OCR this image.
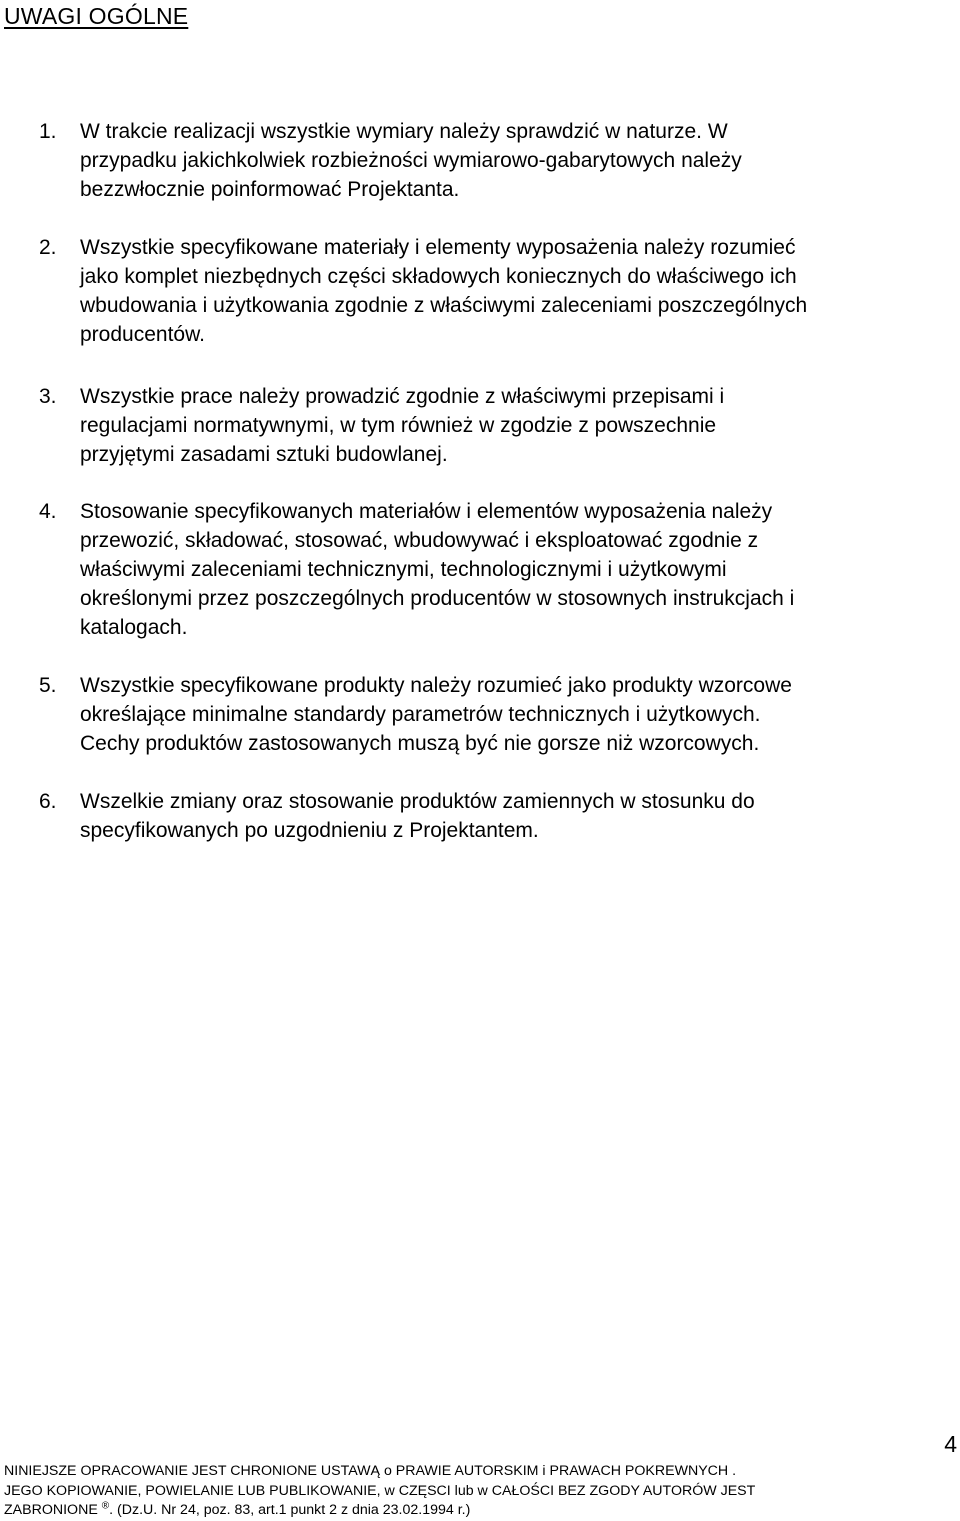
UWAGI OGÓLNE
1. W trakcie realizacji wszystkie wymiary należy sprawdzić w naturze. W
przypadku jakichkolwiek rozbieżności wymiarowo-gabarytowych należy
bezzwłocznie poinformować Projektanta.
2. Wszystkie specyfikowane materiały i elementy wyposażenia należy rozumieć
jako komplet niezbędnych części składowych koniecznych do właściwego ich
wbudowania i użytkowania zgodnie z właściwymi zaleceniami poszczególnych
producentów.
3. Wszystkie prace należy prowadzić zgodnie z właściwymi przepisami i
regulacjami normatywnymi, w tym również w zgodzie z powszechnie
przyjętymi zasadami sztuki budowlanej.
4. Stosowanie specyfikowanych materiałów i elementów wyposażenia należy
przewozić, składować, stosować, wbudowywać i eksploatować zgodnie z
właściwymi zaleceniami technicznymi, technologicznymi i użytkowymi
określonymi przez poszczególnych producentów w stosownych instrukcjach i
katalogach.
5. Wszystkie specyfikowane produkty należy rozumieć jako produkty wzorcowe
określające minimalne standardy parametrów technicznych i użytkowych.
Cechy produktów zastosowanych muszą być nie gorsze niż wzorcowych.
6. Wszelkie zmiany oraz stosowanie produktów zamiennych w stosunku do
specyfikowanych po uzgodnieniu z Projektantem.
4
NINIEJSZE OPRACOWANIE JEST CHRONIONE USTAWĄ o PRAWIE AUTORSKIM i PRAWACH POKREWNYCH .
JEGO KOPIOWANIE, POWIELANIE LUB PUBLIKOWANIE, w CZĘSCI lub w CAŁOŚCI BEZ ZGODY AUTORÓW JEST
ZABRONIONE ®. (Dz.U. Nr 24, poz. 83, art.1 punkt 2 z dnia 23.02.1994 r.)
